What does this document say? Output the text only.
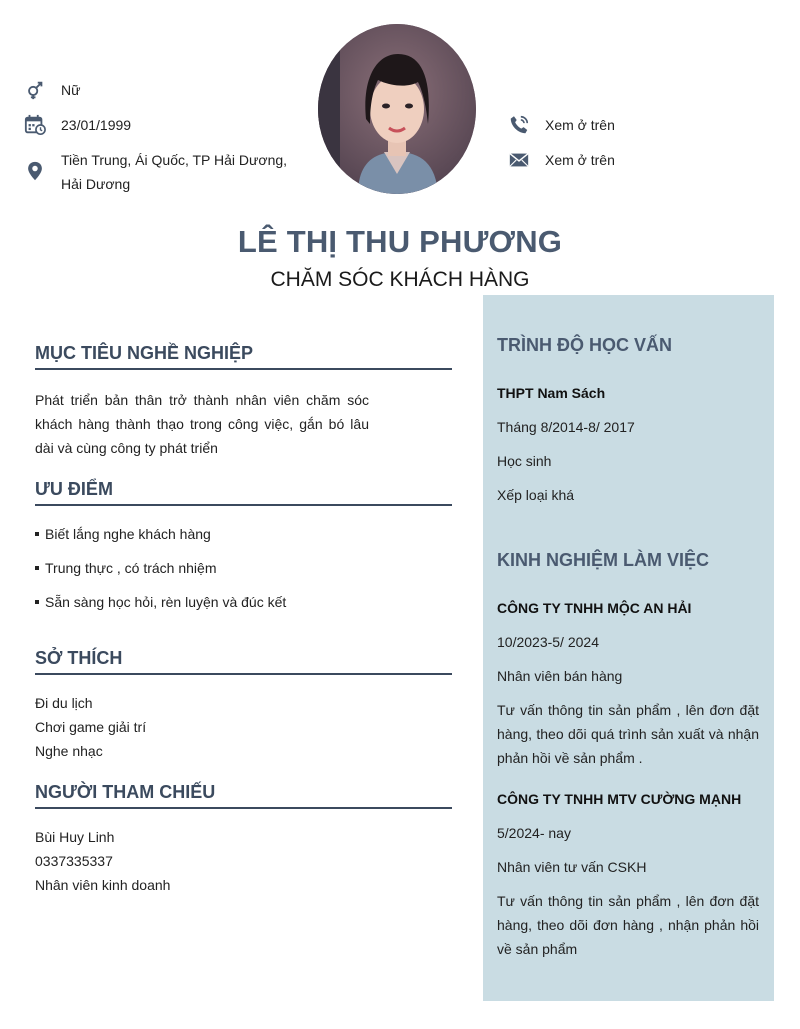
Nữ
23/01/1999
Tiền Trung, Ái Quốc, TP Hải Dương,
Hải Dương
Xem ở trên
Xem ở trên
LÊ THỊ THU PHƯƠNG
CHĂM SÓC KHÁCH HÀNG
MỤC TIÊU NGHỀ NGHIỆP
Phát triển bản thân trở thành nhân viên chăm sóc
khách hàng thành thạo trong công việc, gắn bó lâu
dài và cùng công ty phát triển
ƯU ĐIỂM
Biết lắng nghe khách hàng
Trung thực , có trách nhiệm
Sẵn sàng học hỏi, rèn luyện và đúc kết
SỞ THÍCH
Đi du lịch
Chơi game giải trí
Nghe nhạc
NGƯỜI THAM CHIẾU
Bùi Huy Linh
0337335337
Nhân viên kinh doanh
TRÌNH ĐỘ HỌC VẤN
THPT Nam Sách
Tháng 8/2014-8/ 2017
Học sinh
Xếp loại khá
KINH NGHIỆM LÀM VIỆC
CÔNG TY TNHH MỘC AN HẢI
10/2023-5/ 2024
Nhân viên bán hàng
Tư vấn thông tin sản phẩm , lên đơn đặt
hàng, theo dõi quá trình sản xuất và nhận
phản hồi về sản phẩm .
CÔNG TY TNHH MTV CƯỜNG MẠNH
5/2024- nay
Nhân viên tư vấn CSKH
Tư vấn thông tin sản phẩm , lên đơn đặt
hàng, theo dõi đơn hàng , nhận phản hồi
về sản phẩm
